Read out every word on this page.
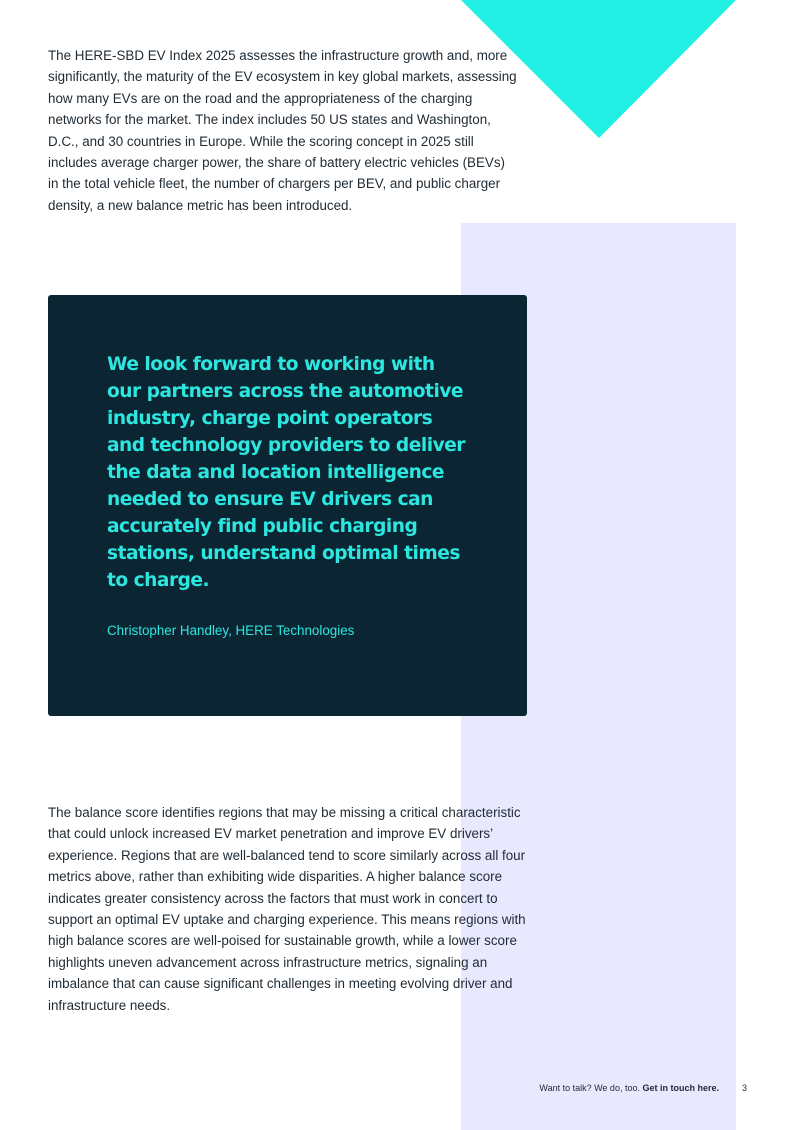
The HERE-SBD EV Index 2025 assesses the infrastructure growth and, more significantly, the maturity of the EV ecosystem in key global markets, assessing how many EVs are on the road and the appropriateness of the charging networks for the market. The index includes 50 US states and Washington, D.C., and 30 countries in Europe. While the scoring concept in 2025 still includes average charger power, the share of battery electric vehicles (BEVs) in the total vehicle fleet, the number of chargers per BEV, and public charger density, a new balance metric has been introduced.

We look forward to working with our partners across the automotive industry, charge point operators and technology providers to deliver the data and location intelligence needed to ensure EV drivers can accurately find public charging stations, understand optimal times to charge.

Christopher Handley, HERE Technologies

The balance score identifies regions that may be missing a critical characteristic that could unlock increased EV market penetration and improve EV drivers’ experience. Regions that are well-balanced tend to score similarly across all four metrics above, rather than exhibiting wide disparities. A higher balance score indicates greater consistency across the factors that must work in concert to support an optimal EV uptake and charging experience. This means regions with high balance scores are well-poised for sustainable growth, while a lower score highlights uneven advancement across infrastructure metrics, signaling an imbalance that can cause significant challenges in meeting evolving driver and infrastructure needs.

Want to talk? We do, too. Get in touch here.	3
